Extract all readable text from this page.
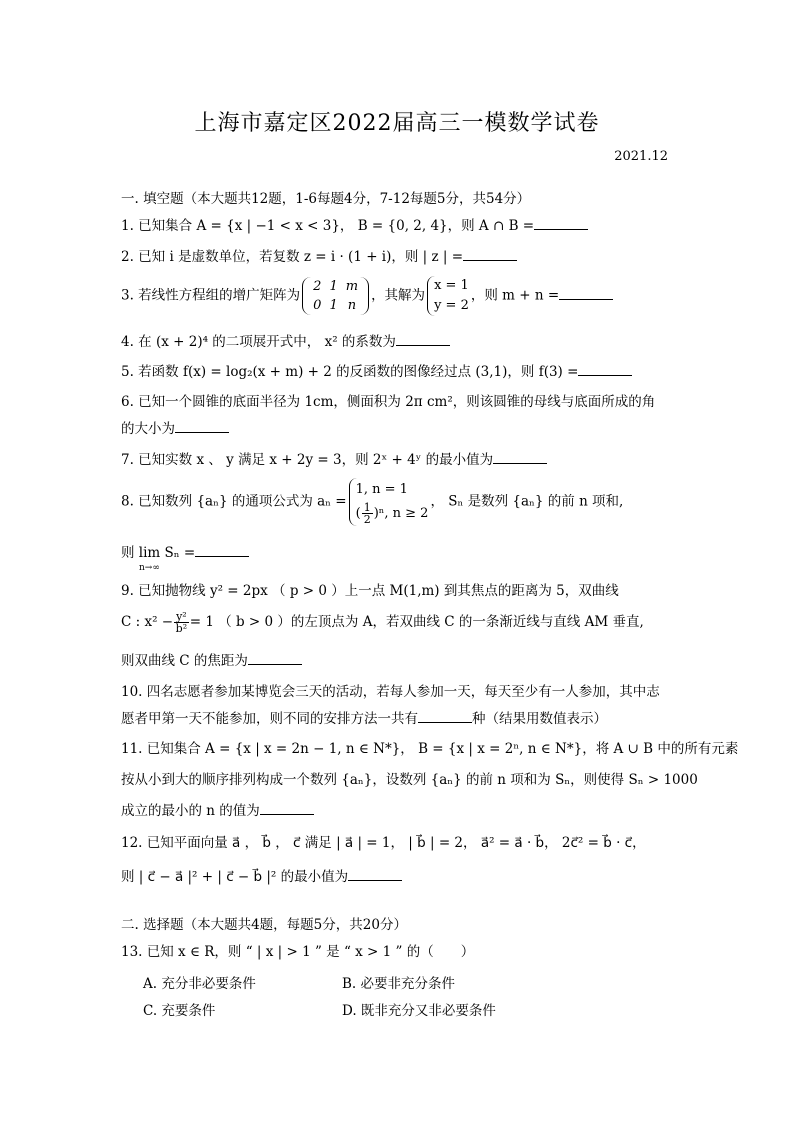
上海市嘉定区2022届高三一模数学试卷
2021.12
一. 填空题（本大题共12题，1-6每题4分，7-12每题5分，共54分）
1. 已知集合 A = {x | −1 < x < 3}， B = {0, 2, 4}，则 A ∩ B =
2. 已知 i 是虚数单位，若复数 z = i · (1 + i)，则 | z | =
3. 若线性方程组的增广矩阵为
2	1	m
0	1	n
，其解为
x = 1
y = 2
，则 m + n =
4. 在 (x + 2)⁴ 的二项展开式中， x² 的系数为
5. 若函数 f(x) = log₂(x + m) + 2 的反函数的图像经过点 (3,1)，则 f(3) =
6. 已知一个圆锥的底面半径为 1cm，侧面积为 2π cm²，则该圆锥的母线与底面所成的角
的大小为
7. 已知实数 x 、 y 满足 x + 2y = 3，则 2ˣ + 4ʸ 的最小值为
8. 已知数列 {aₙ} 的通项公式为 aₙ =
1, n = 1
( $\frac{1}{2} )^n$, n ≥ 2
， Sₙ 是数列 {aₙ} 的前 n 项和,
则 lim Sₙ =
n→∞
9. 已知抛物线 y² = 2px （ p > 0 ）上一点 M(1,m) 到其焦点的距离为 5，双曲线
C : $x^2 - \frac{\text{y²}}{\text{b²}} = 1$ （ b > 0 ）的左顶点为 A，若双曲线 C 的一条渐近线与直线 AM 垂直,
则双曲线 C 的焦距为
10. 四名志愿者参加某博览会三天的活动，若每人参加一天，每天至少有一人参加，其中志
愿者甲第一天不能参加，则不同的安排方法一共有	种（结果用数值表示）
11. 已知集合 A = {x | x = 2n − 1, n ∈ N*}， B = {x | x = 2ⁿ, n ∈ N*}，将 A ∪ B 中的所有元素
按从小到大的顺序排列构成一个数列 {aₙ}，设数列 {aₙ} 的前 n 项和为 Sₙ，则使得 Sₙ > 1000
成立的最小的 n 的值为
12. 已知平面向量 a⃗ ， b⃗ ， c⃗ 满足 | a⃗ | = 1， | b⃗ | = 2， a⃗² = a⃗ · b⃗， 2c⃗² = b⃗ · c⃗，
则 | c⃗ − a⃗ |² + | c⃗ − b⃗ |² 的最小值为
二. 选择题（本大题共4题，每题5分，共20分）
13. 已知 x ∈ R，则 “ | x | > 1 ” 是 “ x > 1 ” 的（　　）
A. 充分非必要条件	B. 必要非充分条件
C. 充要条件	D. 既非充分又非必要条件
